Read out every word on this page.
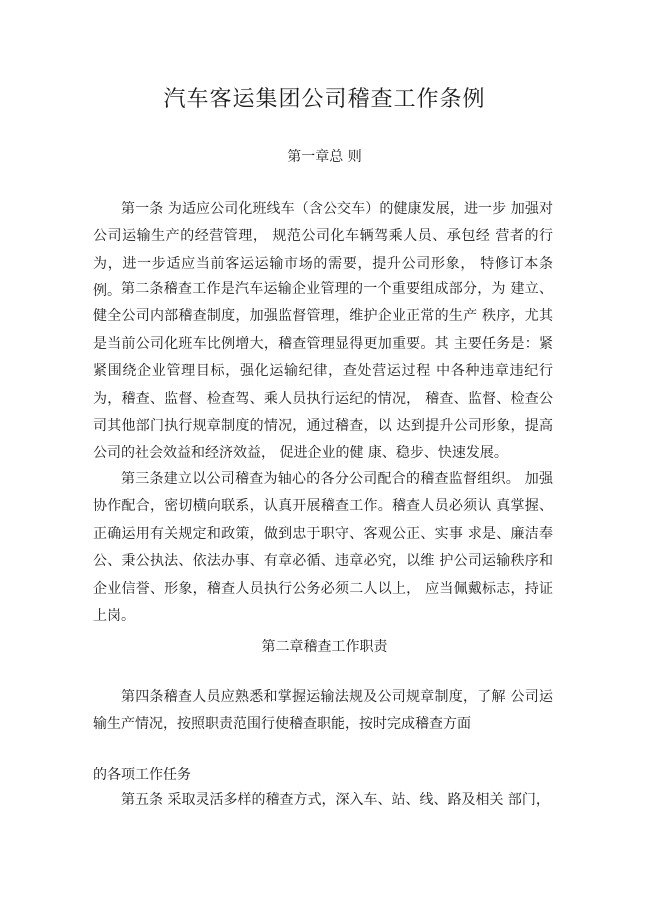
汽车客运集团公司稽查工作条例
第一章总 则

第一条 为适应公司化班线车（含公交车）的健康发展，进一步 加强对公司运输生产的经营管理， 规范公司化车辆驾乘人员、承包经 营者的行为，进一步适应当前客运运输市场的需要，提升公司形象， 特修订本条例。 第二条稽查工作是汽车运输企业管理的一个重要组成部分，为 建立、健全公司内部稽查制度，加强监督管理，维护企业正常的生产 秩序，尤其是当前公司化班车比例增大，稽查管理显得更加重要。其 主要任务是：紧紧围绕企业管理目标，强化运输纪律，查处营运过程 中各种违章违纪行为，稽查、监督、检查驾、乘人员执行运纪的情况， 稽查、监督、检查公司其他部门执行规章制度的情况，通过稽查，以 达到提升公司形象，提高公司的社会效益和经济效益， 促进企业的健 康、稳步、快速发展。

第三条建立以公司稽查为轴心的各分公司配合的稽查监督组织。 加强协作配合，密切横向联系，认真开展稽查工作。稽查人员必须认 真掌握、正确运用有关规定和政策，做到忠于职守、客观公正、实事 求是、廉洁奉公、秉公执法、依法办事、有章必循、违章必究，以维 护公司运输秩序和企业信誉、形象，稽查人员执行公务必须二人以上， 应当佩戴标志，持证上岗。

第二章稽查工作职责

第四条稽查人员应熟悉和掌握运输法规及公司规章制度，了解 公司运输生产情况，按照职责范围行使稽查职能，按时完成稽查方面

的各项工作任务

第五条 采取灵活多样的稽查方式，深入车、站、线、路及相关 部门，
